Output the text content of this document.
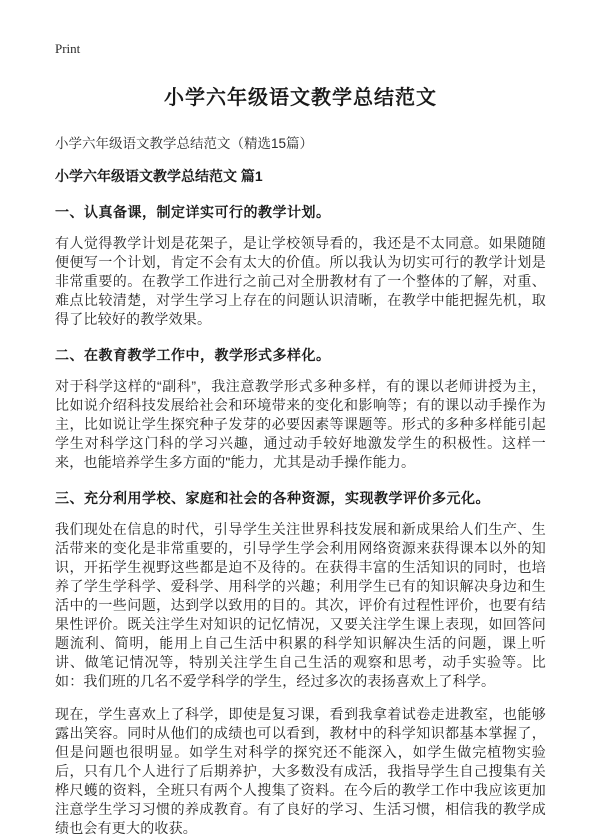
Print
小学六年级语文教学总结范文

小学六年级语文教学总结范文（精选15篇）

小学六年级语文教学总结范文 篇1
一、认真备课，制定详实可行的教学计划。

有人觉得教学计划是花架子，是让学校领导看的，我还是不太同意。如果随随便便写一个计划，肯定不会有太大的价值。所以我认为切实可行的教学计划是非常重要的。在教学工作进行之前己对全册教材有了一个整体的了解，对重、难点比较清楚，对学生学习上存在的问题认识清晰，在教学中能把握先机，取得了比较好的教学效果。

二、在教育教学工作中，教学形式多样化。

对于科学这样的“副科”，我注意教学形式多种多样，有的课以老师讲授为主，比如说介绍科技发展给社会和环境带来的变化和影响等；有的课以动手操作为主，比如说让学生探究种子发芽的必要因素等课题等。形式的多种多样能引起学生对科学这门科的学习兴趣，通过动手较好地激发学生的积极性。这样一来，也能培养学生多方面的"能力，尤其是动手操作能力。

三、充分利用学校、家庭和社会的各种资源，实现教学评价多元化。

我们现处在信息的时代，引导学生关注世界科技发展和新成果给人们生产、生活带来的变化是非常重要的，引导学生学会利用网络资源来获得课本以外的知识，开拓学生视野这些都是迫不及待的。在获得丰富的生活知识的同时，也培养了学生学科学、爱科学、用科学的兴趣；利用学生已有的知识解决身边和生活中的一些问题，达到学以致用的目的。其次，评价有过程性评价，也要有结果性评价。既关注学生对知识的记忆情况，又要关注学生课上表现，如回答问题流利、简明，能用上自己生活中积累的科学知识解决生活的问题，课上听讲、做笔记情况等，特别关注学生自己生活的观察和思考，动手实验等。比如：我们班的几名不爱学科学的学生，经过多次的表扬喜欢上了科学。

现在，学生喜欢上了科学，即使是复习课，看到我拿着试卷走进教室，也能够露出笑容。同时从他们的成绩也可以看到，教材中的科学知识都基本掌握了，但是问题也很明显。如学生对科学的探究还不能深入，如学生做完植物实验后，只有几个人进行了后期养护，大多数没有成活，我指导学生自己搜集有关桦尺蠖的资料，全班只有两个人搜集了资料。在今后的教学工作中我应该更加注意学生学习习惯的养成教育。有了良好的学习、生活习惯，相信我的教学成绩也会有更大的收获。
